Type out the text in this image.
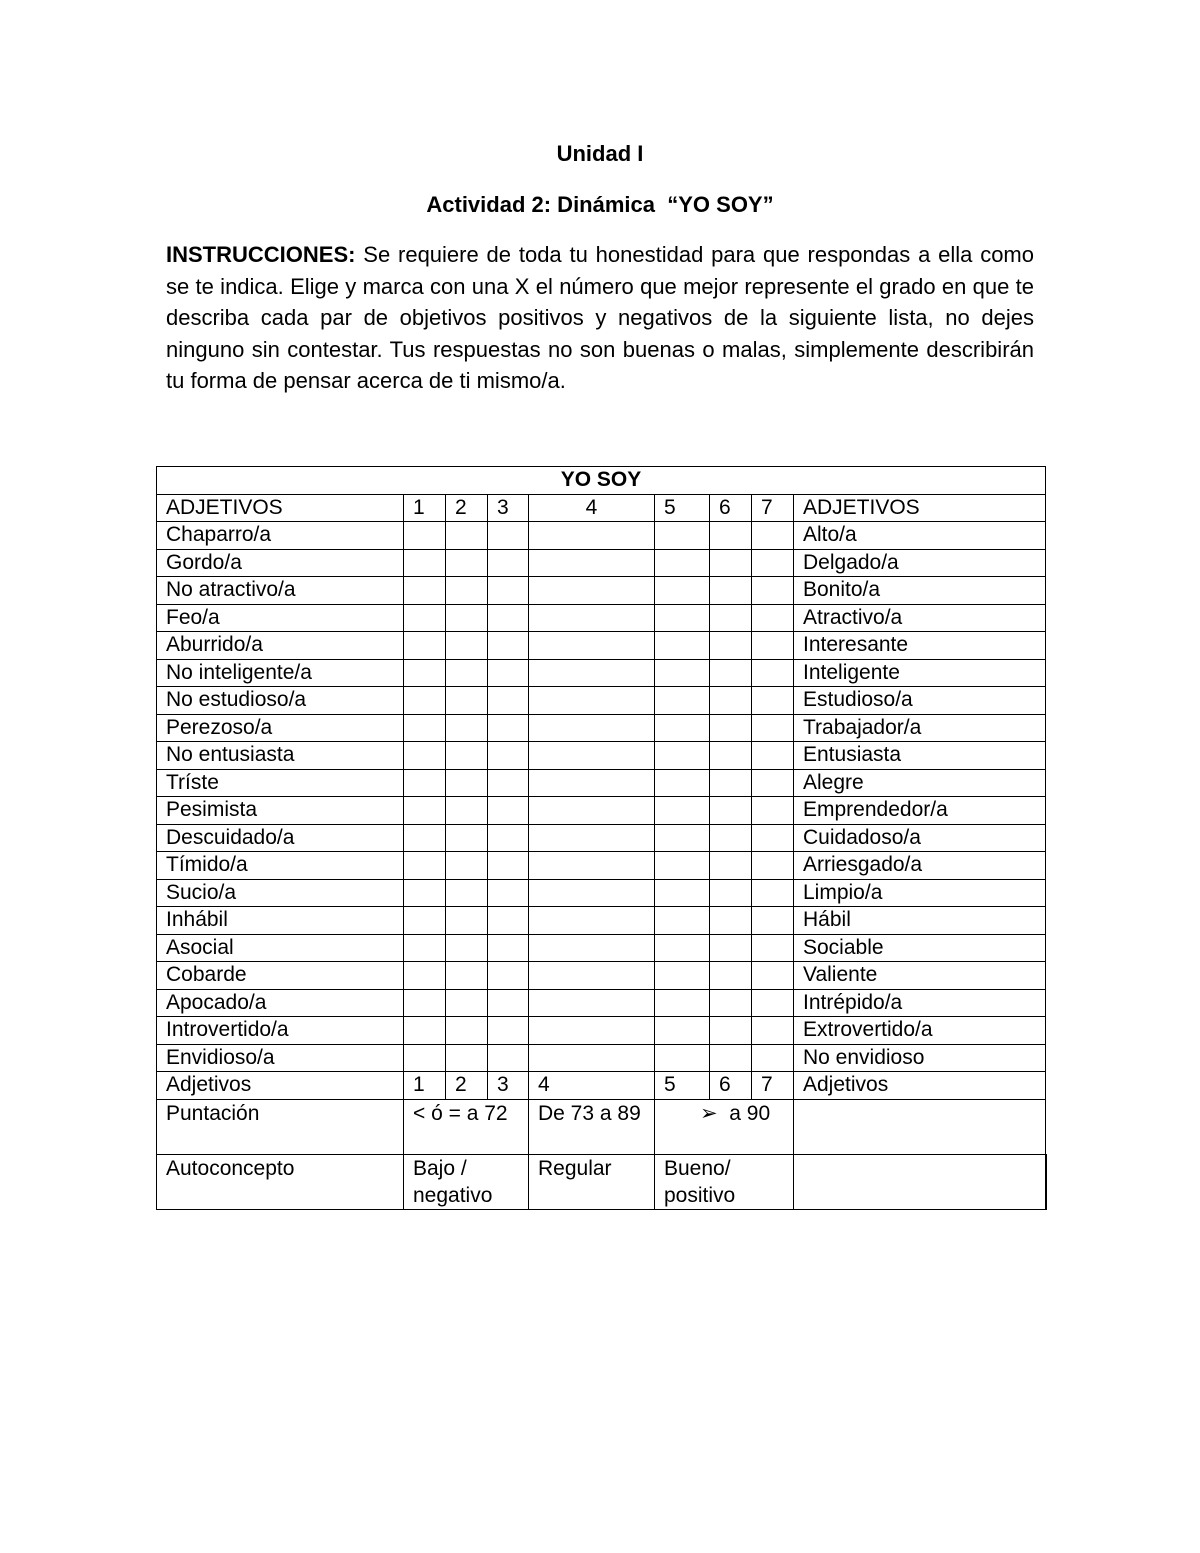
Unidad I
Actividad 2: Dinámica “YO SOY”
INSTRUCCIONES: Se requiere de toda tu honestidad para que respondas a ella como se te indica. Elige y marca con una X el número que mejor represente el grado en que te describa cada par de objetivos positivos y negativos de la siguiente lista, no dejes ninguno sin contestar. Tus respuestas no son buenas o malas, simplemente describirán tu forma de pensar acerca de ti mismo/a.
YO SOY								
ADJETIVOS	1	2	3	4	5	6	7	ADJETIVOS
Chaparro/a								Alto/a
Gordo/a								Delgado/a
No atractivo/a								Bonito/a
Feo/a								Atractivo/a
Aburrido/a								Interesante
No inteligente/a								Inteligente
No estudioso/a								Estudioso/a
Perezoso/a								Trabajador/a
No entusiasta								Entusiasta
Tríste								Alegre
Pesimista								Emprendedor/a
Descuidado/a								Cuidadoso/a
Tímido/a								Arriesgado/a
Sucio/a								Limpio/a
Inhábil								Hábil
Asocial								Sociable
Cobarde								Valiente
Apocado/a								Intrépido/a
Introvertido/a								Extrovertido/a
Envidioso/a								No envidioso
Adjetivos	1	2	3	4	5	6	7	Adjetivos
Puntación	< ó = a 72			De 73 a 89	➢ a 90			
Autoconcepto	Bajo / negativo			Regular	Bueno/ positivo			
